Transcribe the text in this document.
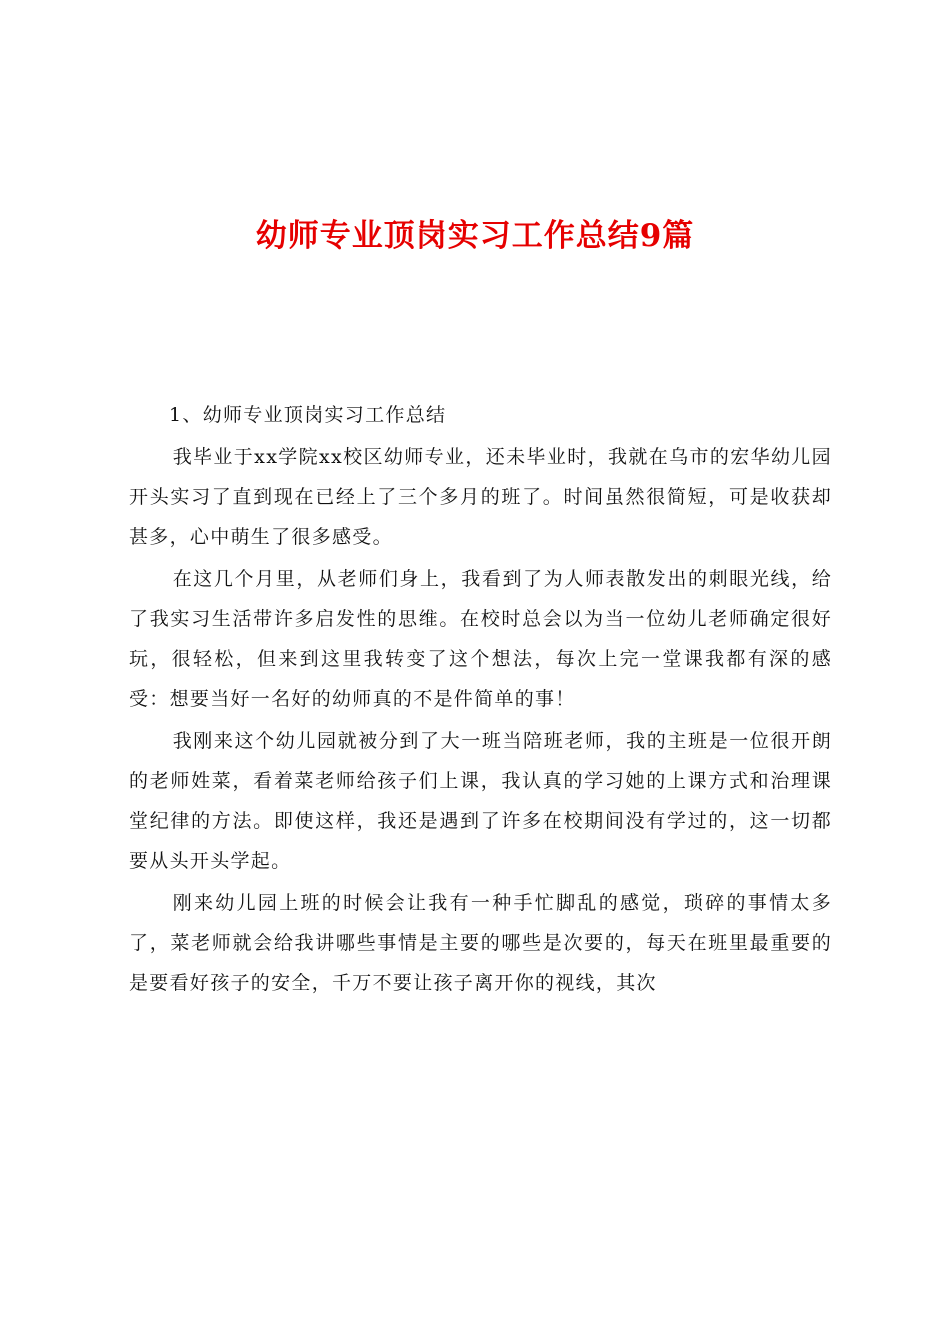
幼师专业顶岗实习工作总结9篇
1、幼师专业顶岗实习工作总结

我毕业于xx学院xx校区幼师专业，还未毕业时，我就在乌市的宏华幼儿园开头实习了直到现在已经上了三个多月的班了。时间虽然很简短，可是收获却甚多，心中萌生了很多感受。

在这几个月里，从老师们身上，我看到了为人师表散发出的刺眼光线，给了我实习生活带许多启发性的思维。在校时总会以为当一位幼儿老师确定很好玩，很轻松，但来到这里我转变了这个想法，每次上完一堂课我都有深的感受：想要当好一名好的幼师真的不是件简单的事！

我刚来这个幼儿园就被分到了大一班当陪班老师，我的主班是一位很开朗的老师姓菜，看着菜老师给孩子们上课，我认真的学习她的上课方式和治理课堂纪律的方法。即使这样，我还是遇到了许多在校期间没有学过的，这一切都要从头开头学起。

刚来幼儿园上班的时候会让我有一种手忙脚乱的感觉，琐碎的事情太多了，菜老师就会给我讲哪些事情是主要的哪些是次要的，每天在班里最重要的是要看好孩子的安全，千万不要让孩子离开你的视线，其次
